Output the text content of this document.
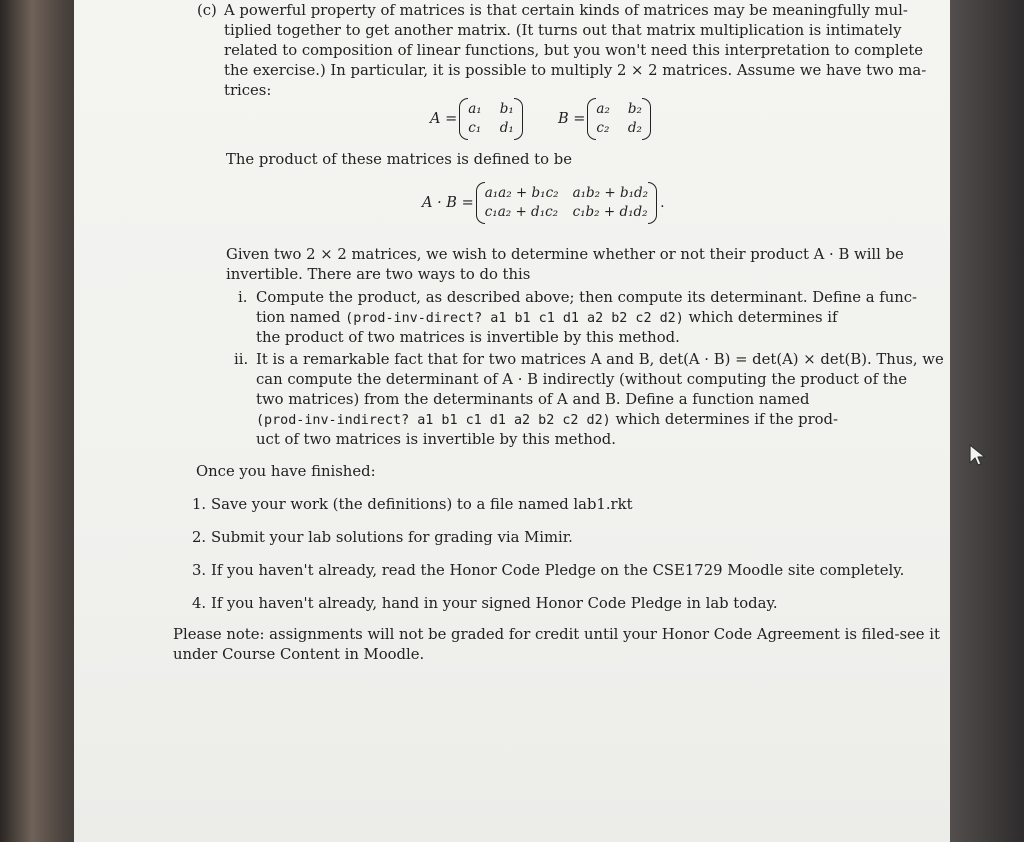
(c) A powerful property of matrices is that certain kinds of matrices may be meaningfully mul-

tiplied together to get another matrix. (It turns out that matrix multiplication is intimately

related to composition of linear functions, but you won't need this interpretation to complete

the exercise.) In particular, it is possible to multiply 2 × 2 matrices. Assume we have two ma-

trices:

A =
a₁ b₁
c₁ d₁
B =
a₂ b₂
c₂ d₂

The product of these matrices is defined to be

A · B =
a₁a₂ + b₁c₂ a₁b₂ + b₁d₂
c₁a₂ + d₁c₂ c₁b₂ + d₁d₂
.

Given two 2 × 2 matrices, we wish to determine whether or not their product A · B will be

invertible. There are two ways to do this

i. Compute the product, as described above; then compute its determinant. Define a func-

tion named (prod-inv-direct? a1 b1 c1 d1 a2 b2 c2 d2) which determines if

the product of two matrices is invertible by this method.

ii. It is a remarkable fact that for two matrices A and B, det(A · B) = det(A) × det(B). Thus, we

can compute the determinant of A · B indirectly (without computing the product of the

two matrices) from the determinants of A and B. Define a function named

(prod-inv-indirect? a1 b1 c1 d1 a2 b2 c2 d2) which determines if the prod-

uct of two matrices is invertible by this method.

Once you have finished:

1. Save your work (the definitions) to a file named lab1.rkt

2. Submit your lab solutions for grading via Mimir.

3. If you haven't already, read the Honor Code Pledge on the CSE1729 Moodle site completely.

4. If you haven't already, hand in your signed Honor Code Pledge in lab today.

Please note: assignments will not be graded for credit until your Honor Code Agreement is filed-see it

under Course Content in Moodle.
